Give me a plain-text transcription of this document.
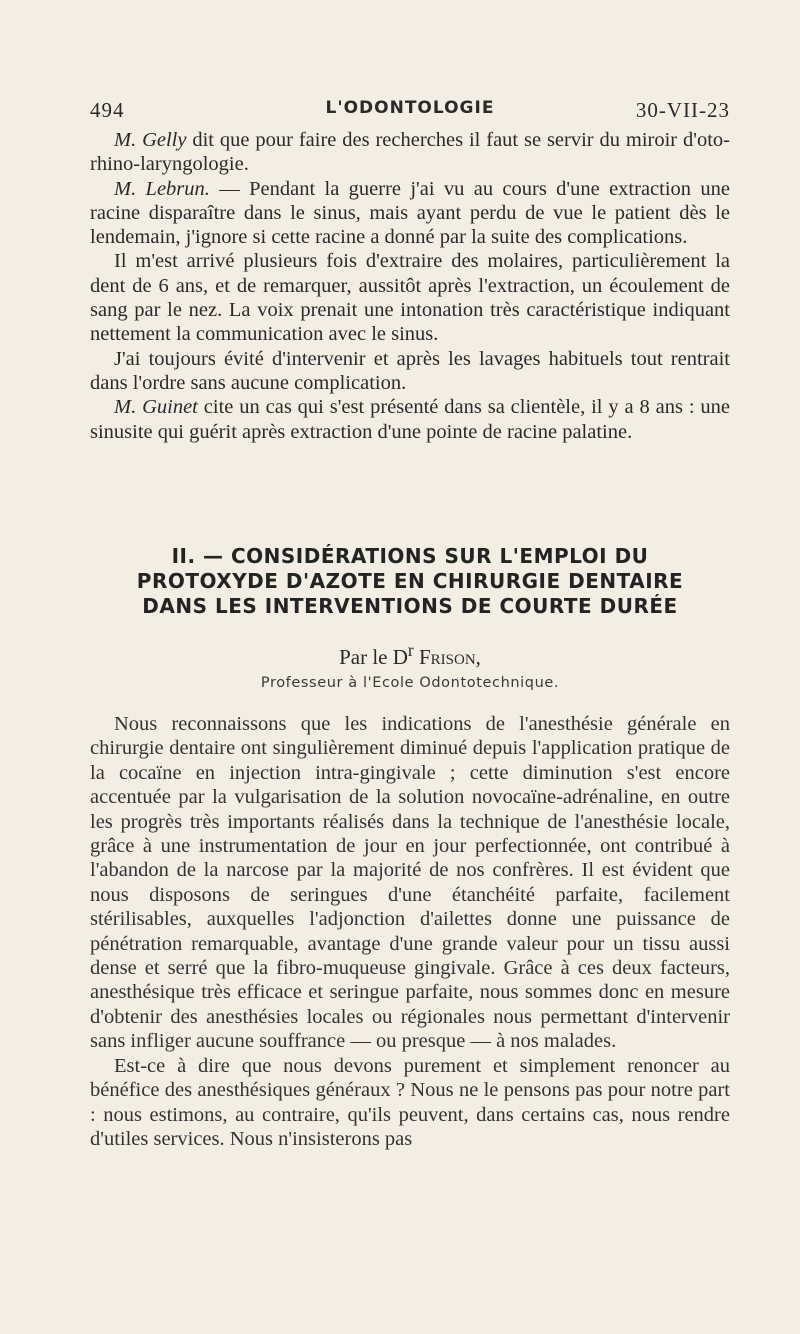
494	L'ODONTOLOGIE	30-VII-23

M. Gelly dit que pour faire des recherches il faut se servir du miroir d'oto-rhino-laryngologie.

M. Lebrun. — Pendant la guerre j'ai vu au cours d'une extraction une racine disparaître dans le sinus, mais ayant perdu de vue le patient dès le lendemain, j'ignore si cette racine a donné par la suite des complications.

Il m'est arrivé plusieurs fois d'extraire des molaires, particulièrement la dent de 6 ans, et de remarquer, aussitôt après l'extraction, un écoulement de sang par le nez. La voix prenait une intonation très caractéristique indiquant nettement la communication avec le sinus.

J'ai toujours évité d'intervenir et après les lavages habituels tout rentrait dans l'ordre sans aucune complication.

M. Guinet cite un cas qui s'est présenté dans sa clientèle, il y a 8 ans : une sinusite qui guérit après extraction d'une pointe de racine palatine.

II. — CONSIDÉRATIONS SUR L'EMPLOI DU
PROTOXYDE D'AZOTE EN CHIRURGIE DENTAIRE
DANS LES INTERVENTIONS DE COURTE DURÉE
Par le $D^r$ Frison,
Professeur à l'Ecole Odontotechnique.

Nous reconnaissons que les indications de l'anesthésie générale en chirurgie dentaire ont singulièrement diminué depuis l'application pratique de la cocaïne en injection intra-gingivale ; cette diminution s'est encore accentuée par la vulgarisation de la solution novocaïne-adrénaline, en outre les progrès très importants réalisés dans la technique de l'anesthésie locale, grâce à une instrumentation de jour en jour perfectionnée, ont contribué à l'abandon de la narcose par la majorité de nos confrères. Il est évident que nous disposons de seringues d'une étanchéité parfaite, facilement stérilisables, auxquelles l'adjonction d'ailettes donne une puissance de pénétration remarquable, avantage d'une grande valeur pour un tissu aussi dense et serré que la fibro-muqueuse gingivale. Grâce à ces deux facteurs, anesthésique très efficace et seringue parfaite, nous sommes donc en mesure d'obtenir des anesthésies locales ou régionales nous permettant d'intervenir sans infliger aucune souffrance — ou presque — à nos malades.

Est-ce à dire que nous devons purement et simplement renoncer au bénéfice des anesthésiques généraux ? Nous ne le pensons pas pour notre part : nous estimons, au contraire, qu'ils peuvent, dans certains cas, nous rendre d'utiles services. Nous n'insisterons pas
